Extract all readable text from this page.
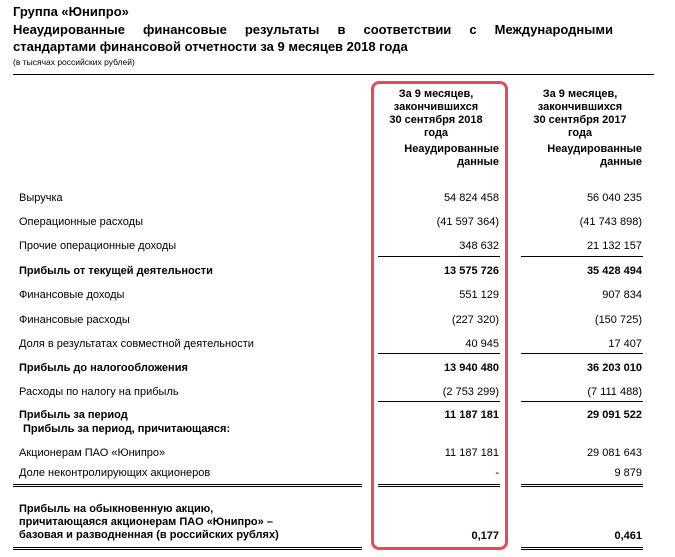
Группа «Юнипро»
Неаудированные финансовые результаты в соответствии с Международными
стандартами финансовой отчетности за 9 месяцев 2018 года
(в тысячах российских рублей)
За 9 месяцев,
закончившихся
30 сентября 2018
года
Неаудированные
данные
За 9 месяцев,
закончившихся
30 сентября 2017
года
Неаудированные
данные
Выручка	54 824 458	56 040 235
Операционные расходы	(41 597 364)	(41 743 898)
Прочие операционные доходы	348 632	21 132 157
Прибыль от текущей деятельности	13 575 726	35 428 494
Финансовые доходы	551 129	907 834
Финансовые расходы	(227 320)	(150 725)
Доля в результатах совместной деятельности	40 945	17 407
Прибыль до налогообложения	13 940 480	36 203 010
Расходы по налогу на прибыль	(2 753 299)	(7 111 488)
Прибыль за период	11 187 181	29 091 522
Прибыль за период, причитающаяся:
Акционерам ПАО «Юнипро»	11 187 181	29 081 643
Доле неконтролирующих акционеров	-	9 879
Прибыль на обыкновенную акцию,
причитающаяся акционерам ПАО «Юнипро» –
базовая и разводненная (в российских рублях)	0,177	0,461
